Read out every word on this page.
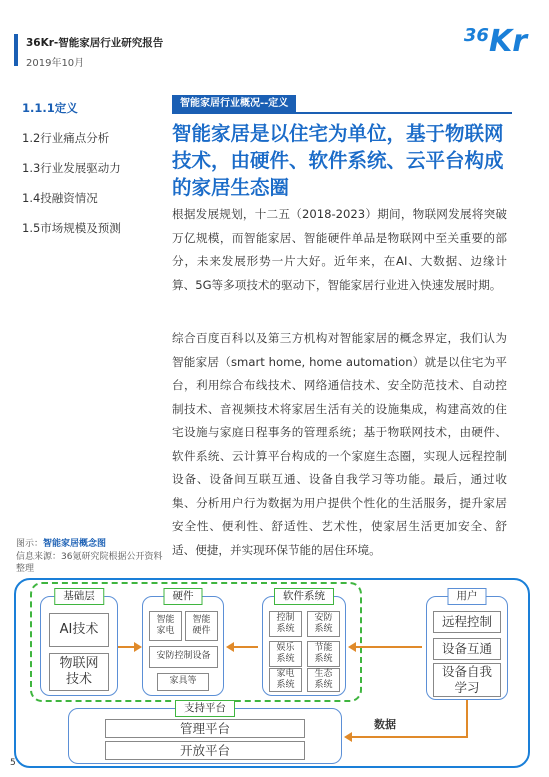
36Kr-智能家居行业研究报告
2019年10月
36Kr
1.1.1定义
1.2行业痛点分析
1.3行业发展驱动力
1.4投融资情况
1.5市场规模及预测
智能家居行业概况--定义
智能家居是以住宅为单位，基于物联网技术，由硬件、软件系统、云平台构成的家居生态圈
根据发展规划，十二五（2018-2023）期间，物联网发展将突破万亿规模，而智能家居、智能硬件单品是物联网中至关重要的部分，未来发展形势一片大好。近年来，在AI、大数据、边缘计算、5G等多项技术的驱动下，智能家居行业进入快速发展时期。
综合百度百科以及第三方机构对智能家居的概念界定，我们认为智能家居（smart home, home automation）就是以住宅为平台，利用综合布线技术、网络通信技术、安全防范技术、自动控制技术、音视频技术将家居生活有关的设施集成，构建高效的住宅设施与家庭日程事务的管理系统；基于物联网技术，由硬件、软件系统、云计算平台构成的一个家庭生态圈，实现人远程控制设备、设备间互联互通、设备自我学习等功能。最后，通过收集、分析用户行为数据为用户提供个性化的生活服务，提升家居安全性、便利性、舒适性、艺术性，使家居生活更加安全、舒适、便捷，并实现环保节能的居住环境。
图示：智能家居概念图
信息来源：36氪研究院根据公开资料整理
基础层
AI技术
物联网技术
硬件
智能家电
智能硬件
安防控制设备
家具等
软件系统
控制系统
安防系统
娱乐系统
节能系统
家电系统
生态系统
用户
远程控制
设备互通
设备自我学习
支持平台
管理平台
开放平台
数据
5
